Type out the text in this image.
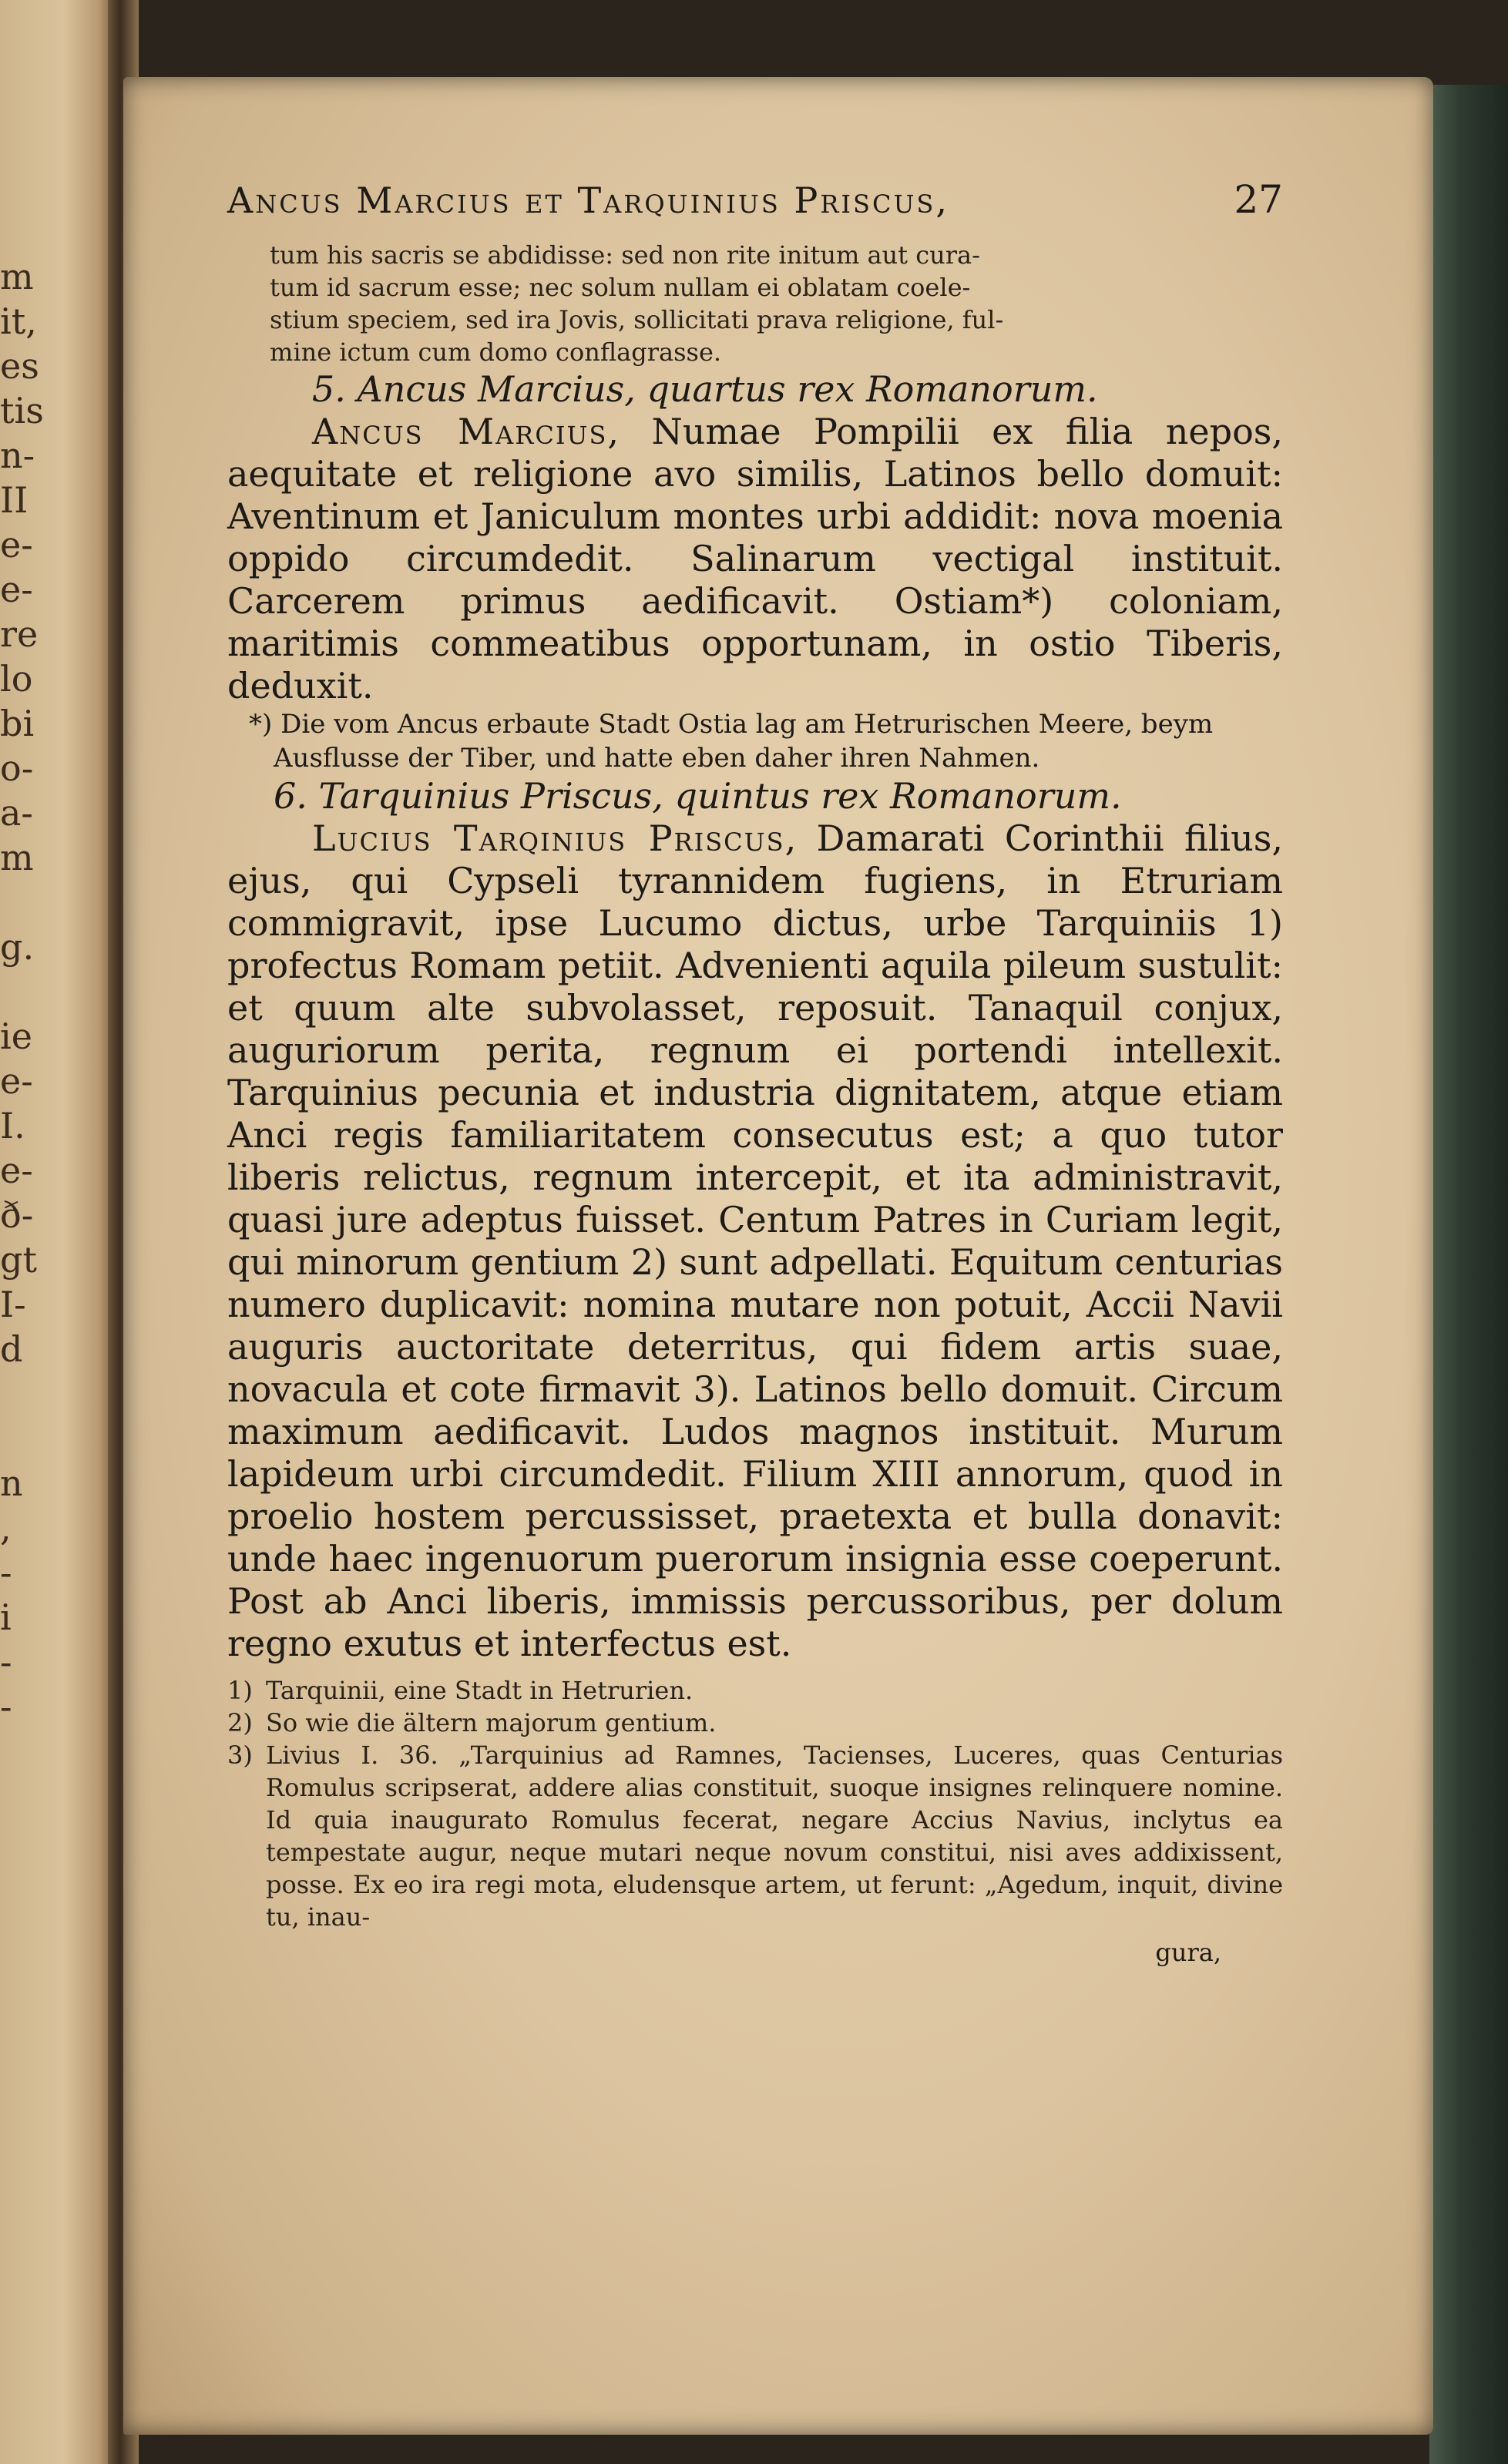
m
it,
es
tis
n-
II
e-
e-
re
lo
bi
o-
a-
m

g.

ie
e-
I.
e-
ð-
gt
I-
d

n
,
-
i
-
-
Ancus Marcius et Tarquinius Priscus,	27
tum his sacris se abdidisse: sed non rite initum aut cura-
tum id sacrum esse; nec solum nullam ei oblatam coele-
stium speciem, sed ira Jovis, sollicitati prava religione, ful-
mine ictum cum domo conflagrasse.
5. Ancus Marcius, quartus rex Romanorum.
Ancus Marcius, Numae Pompilii ex filia nepos, aequitate et religione avo similis, Latinos bello domuit: Aventinum et Janiculum montes urbi addidit: nova moenia oppido circumdedit. Salinarum vectigal instituit. Carcerem primus aedificavit. Ostiam*) coloniam, maritimis commeatibus opportunam, in ostio Tiberis, deduxit.
*) Die vom Ancus erbaute Stadt Ostia lag am Hetrurischen Meere, beym Ausflusse der Tiber, und hatte eben daher ihren Nahmen.
6. Tarquinius Priscus, quintus rex Romanorum.
Lucius Tarqinius Priscus, Damarati Corinthii filius, ejus, qui Cypseli tyrannidem fugiens, in Etruriam commigravit, ipse Lucumo dictus, urbe Tarquiniis 1) profectus Romam petiit. Advenienti aquila pileum sustulit: et quum alte subvolasset, reposuit. Tanaquil conjux, auguriorum perita, regnum ei portendi intellexit. Tarquinius pecunia et industria dignitatem, atque etiam Anci regis familiaritatem consecutus est; a quo tutor liberis relictus, regnum intercepit, et ita administravit, quasi jure adeptus fuisset. Centum Patres in Curiam legit, qui minorum gentium 2) sunt adpellati. Equitum centurias numero duplicavit: nomina mutare non potuit, Accii Navii auguris auctoritate deterritus, qui fidem artis suae, novacula et cote firmavit 3). Latinos bello domuit. Circum maximum aedificavit. Ludos magnos instituit. Murum lapideum urbi circumdedit. Filium XIII annorum, quod in proelio hostem percussisset, praetexta et bulla donavit: unde haec ingenuorum puerorum insignia esse coeperunt. Post ab Anci liberis, immissis percussoribus, per dolum regno exutus et interfectus est.
1) Tarquinii, eine Stadt in Hetrurien.
2) So wie die ältern majorum gentium.
3) Livius I. 36. „Tarquinius ad Ramnes, Tacienses, Luceres, quas Centurias Romulus scripserat, addere alias constituit, suoque insignes relinquere nomine. Id quia inaugurato Romulus fecerat, negare Accius Navius, inclytus ea tempestate augur, neque mutari neque novum constitui, nisi aves addixissent, posse. Ex eo ira regi mota, eludensque artem, ut ferunt: „Agedum, inquit, divine tu, inau-
gura,
